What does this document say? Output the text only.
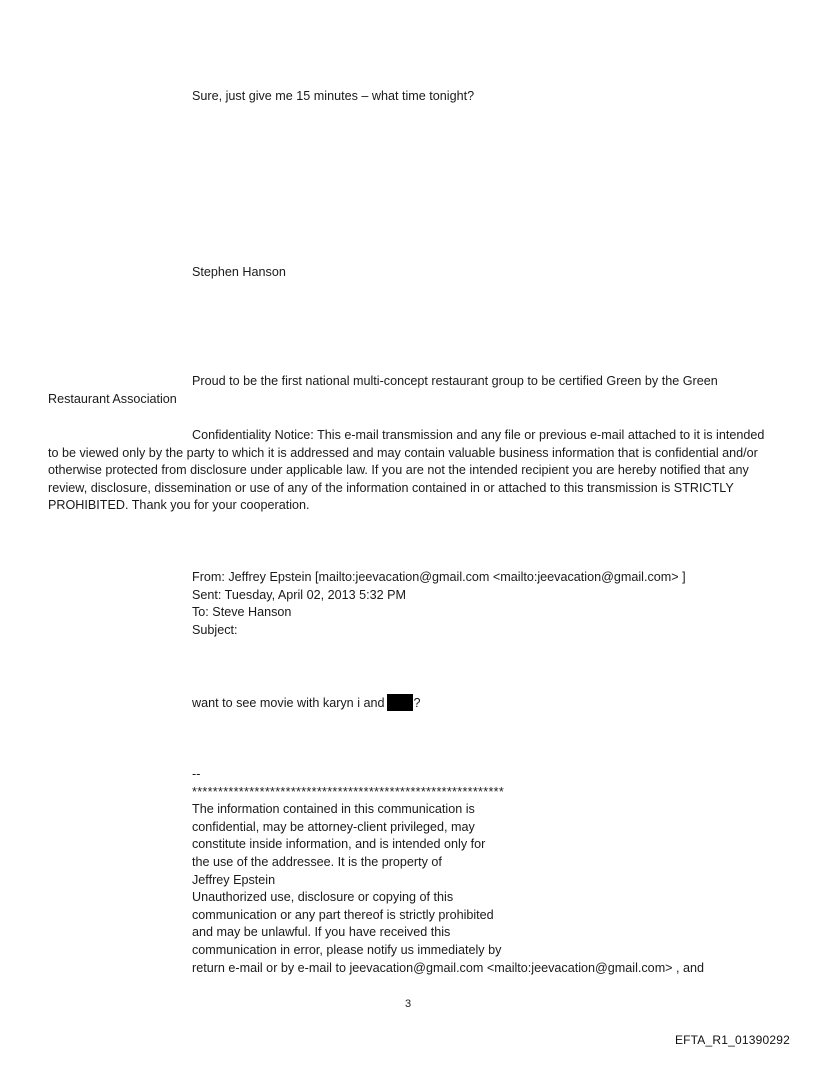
Sure, just give me 15 minutes – what time tonight?

Stephen Hanson

Proud to be the first national multi-concept restaurant group to be certified Green by the Green Restaurant Association

Confidentiality Notice: This e-mail transmission and any file or previous e-mail attached to it is intended to be viewed only by the party to which it is addressed and may contain valuable business information that is confidential and/or otherwise protected from disclosure under applicable law. If you are not the intended recipient you are hereby notified that any review, disclosure, dissemination or use of any of the information contained in or attached to this transmission is STRICTLY PROHIBITED. Thank you for your cooperation.

From: Jeffrey Epstein [mailto:jeevacation@gmail.com <mailto:jeevacation@gmail.com> ]
Sent: Tuesday, April 02, 2013 5:32 PM
To: Steve Hanson
Subject:

want to see movie with karyn i and ?

--
************************************************************
The information contained in this communication is
confidential, may be attorney-client privileged, may
constitute inside information, and is intended only for
the use of the addressee. It is the property of
Jeffrey Epstein
Unauthorized use, disclosure or copying of this
communication or any part thereof is strictly prohibited
and may be unlawful. If you have received this
communication in error, please notify us immediately by
return e-mail or by e-mail to jeevacation@gmail.com <mailto:jeevacation@gmail.com> , and
3
EFTA_R1_01390292
